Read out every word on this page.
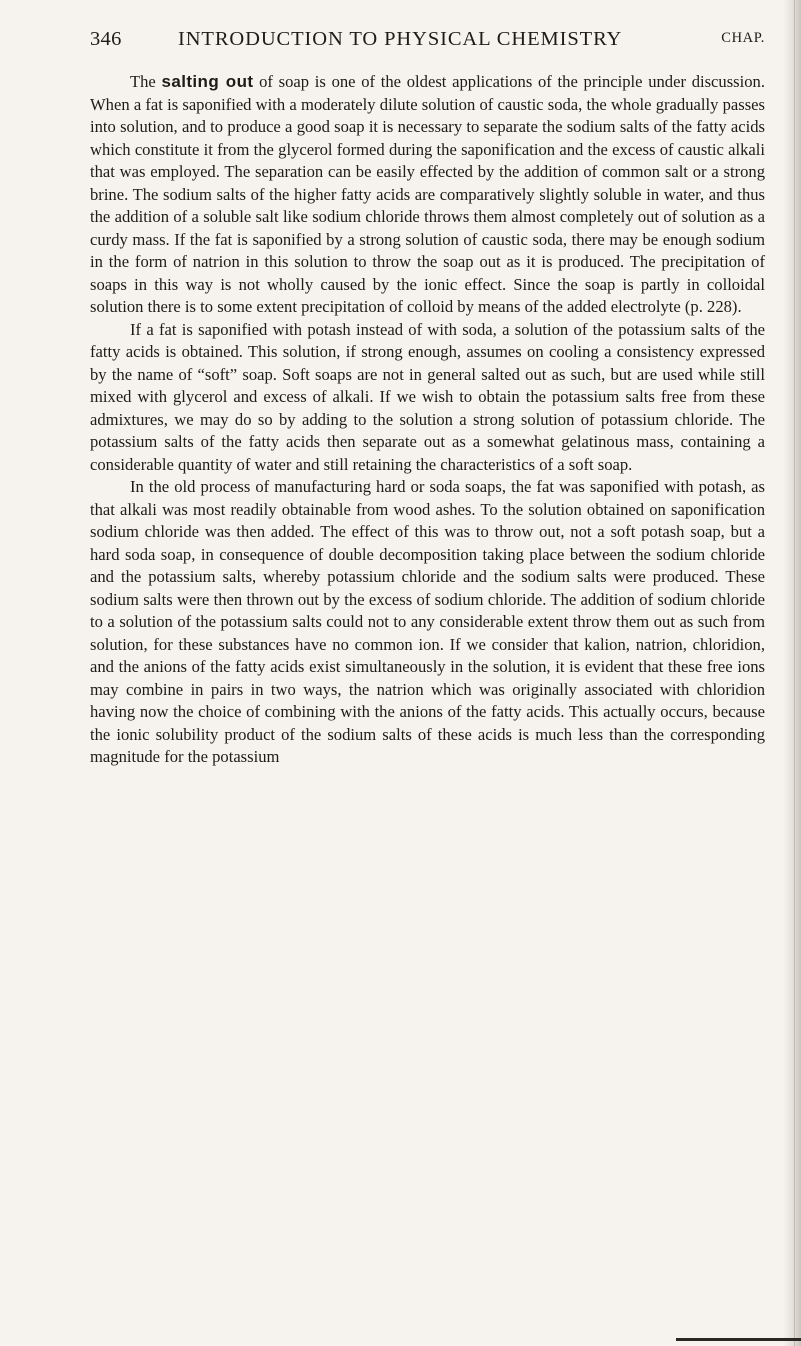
346	INTRODUCTION TO PHYSICAL CHEMISTRY	CHAP.

The salting out of soap is one of the oldest applications of the principle under discussion. When a fat is saponified with a moderately dilute solution of caustic soda, the whole gradually passes into solution, and to produce a good soap it is necessary to separate the sodium salts of the fatty acids which constitute it from the glycerol formed during the saponification and the excess of caustic alkali that was employed. The separation can be easily effected by the addition of common salt or a strong brine. The sodium salts of the higher fatty acids are comparatively slightly soluble in water, and thus the addition of a soluble salt like sodium chloride throws them almost completely out of solution as a curdy mass. If the fat is saponified by a strong solution of caustic soda, there may be enough sodium in the form of natrion in this solution to throw the soap out as it is produced. The precipitation of soaps in this way is not wholly caused by the ionic effect. Since the soap is partly in colloidal solution there is to some extent precipitation of colloid by means of the added electrolyte (p. 228).

If a fat is saponified with potash instead of with soda, a solution of the potassium salts of the fatty acids is obtained. This solution, if strong enough, assumes on cooling a consistency expressed by the name of “soft” soap. Soft soaps are not in general salted out as such, but are used while still mixed with glycerol and excess of alkali. If we wish to obtain the potassium salts free from these admixtures, we may do so by adding to the solution a strong solution of potassium chloride. The potassium salts of the fatty acids then separate out as a somewhat gelatinous mass, containing a considerable quantity of water and still retaining the characteristics of a soft soap.

In the old process of manufacturing hard or soda soaps, the fat was saponified with potash, as that alkali was most readily obtainable from wood ashes. To the solution obtained on saponification sodium chloride was then added. The effect of this was to throw out, not a soft potash soap, but a hard soda soap, in consequence of double decomposition taking place between the sodium chloride and the potassium salts, whereby potassium chloride and the sodium salts were produced. These sodium salts were then thrown out by the excess of sodium chloride. The addition of sodium chloride to a solution of the potassium salts could not to any considerable extent throw them out as such from solution, for these substances have no common ion. If we consider that kalion, natrion, chloridion, and the anions of the fatty acids exist simultaneously in the solution, it is evident that these free ions may combine in pairs in two ways, the natrion which was originally associated with chloridion having now the choice of combining with the anions of the fatty acids. This actually occurs, because the ionic solubility product of the sodium salts of these acids is much less than the corresponding magnitude for the potassium
